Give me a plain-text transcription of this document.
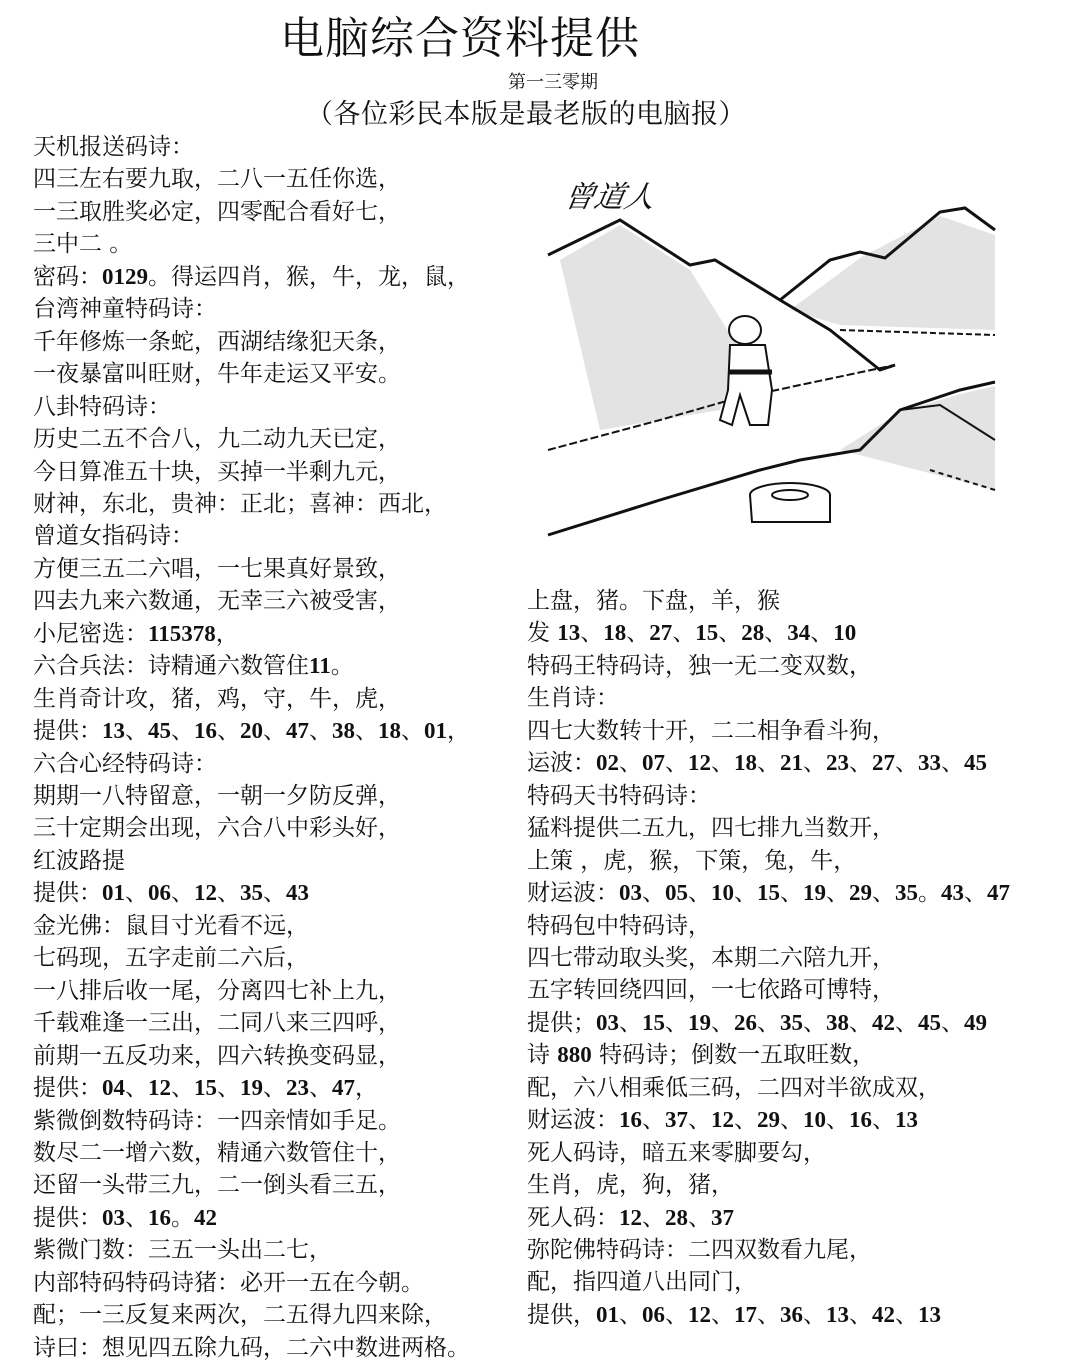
电脑综合资料提供
第一三零期
（各位彩民本版是最老版的电脑报）
曾道人
天机报送码诗：
四三左右要九取，二八一五任你选，
一三取胜奖必定，四零配合看好七，
三中二 。
密码：0129。得运四肖，猴，牛，龙，鼠，
台湾神童特码诗：
千年修炼一条蛇，西湖结缘犯天条，
一夜暴富叫旺财，牛年走运又平安。
八卦特码诗：
历史二五不合八，九二动九天已定，
今日算准五十块，买掉一半剩九元，
财神，东北，贵神：正北；喜神：西北，
曾道女指码诗：
方便三五二六唱，一七果真好景致，
四去九来六数通，无幸三六被受害，
小尼密选：115378，
六合兵法：诗精通六数管住11。
生肖奇计攻，猪，鸡，守，牛，虎，
提供：13、45、16、20、47、38、18、01，
六合心经特码诗：
期期一八特留意，一朝一夕防反弹，
三十定期会出现，六合八中彩头好，
红波路提
提供：01、06、12、35、43
金光佛：鼠目寸光看不远，
七码现，五字走前二六后，
一八排后收一尾，分离四七补上九，
千载难逢一三出，二同八来三四呼，
前期一五反功来，四六转换变码显，
提供：04、12、15、19、23、47，
紫微倒数特码诗：一四亲情如手足。
数尽二一增六数，精通六数管住十，
还留一头带三九，二一倒头看三五，
提供：03、16。42
紫微门数：三五一头出二七，
内部特码特码诗猪：必开一五在今朝。
配；一三反复来两次，二五得九四来除，
诗曰：想见四五除九码，二六中数进两格。
上盘，猪。下盘，羊，猴
发 13、18、27、15、28、34、10
特码王特码诗，独一无二变双数，
生肖诗：
四七大数转十开，二二相争看斗狗，
运波：02、07、12、18、21、23、27、33、45
特码天书特码诗：
猛料提供二五九，四七排九当数开，
上策 ，虎，猴，下策，兔，牛，
财运波：03、05、10、15、19、29、35。43、47
特码包中特码诗，
四七带动取头奖，本期二六陪九开，
五字转回绕四回，一七依路可博特，
提供；03、15、19、26、35、38、42、45、49
诗 880 特码诗；倒数一五取旺数，
配，六八相乘低三码，二四对半欲成双，
财运波：16、37、12、29、10、16、13
死人码诗，暗五来零脚要勾，
生肖，虎，狗，猪，
死人码：12、28、37
弥陀佛特码诗：二四双数看九尾，
配，指四道八出同门，
提供，01、06、12、17、36、13、42、13
